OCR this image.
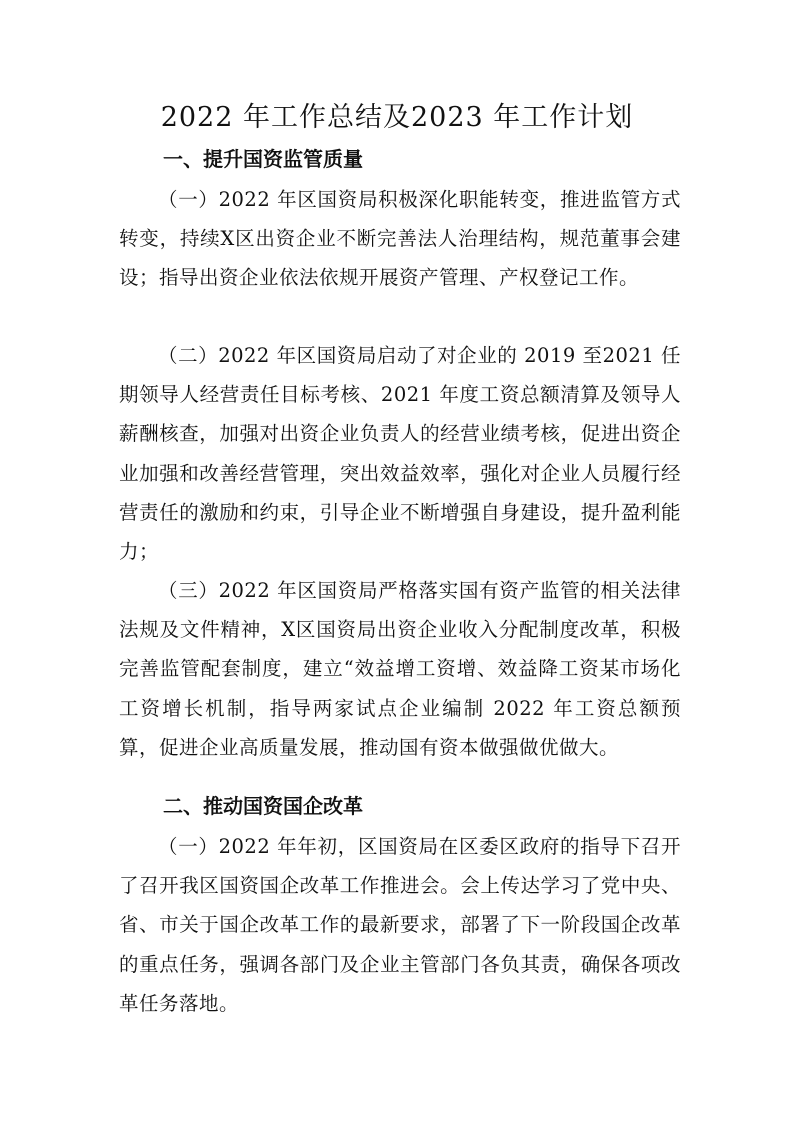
2022 年工作总结及2023 年工作计划
一、提升国资监管质量

（一）2022 年区国资局积极深化职能转变，推进监管方式转变，持续X区出资企业不断完善法人治理结构，规范董事会建设；指导出资企业依法依规开展资产管理、产权登记工作。

（二）2022 年区国资局启动了对企业的 2019 至2021 任期领导人经营责任目标考核、2021 年度工资总额清算及领导人薪酬核查，加强对出资企业负责人的经营业绩考核，促进出资企业加强和改善经营管理，突出效益效率，强化对企业人员履行经营责任的激励和约束，引导企业不断增强自身建设，提升盈利能力；

（三）2022 年区国资局严格落实国有资产监管的相关法律法规及文件精神，X区国资局出资企业收入分配制度改革，积极完善监管配套制度，建立“效益增工资增、效益降工资某市场化工资增长机制，指导两家试点企业编制 2022 年工资总额预算，促进企业高质量发展，推动国有资本做强做优做大。

二、推动国资国企改革

（一）2022 年年初，区国资局在区委区政府的指导下召开了召开我区国资国企改革工作推进会。会上传达学习了党中央、省、市关于国企改革工作的最新要求，部署了下一阶段国企改革的重点任务，强调各部门及企业主管部门各负其责，确保各项改革任务落地。
